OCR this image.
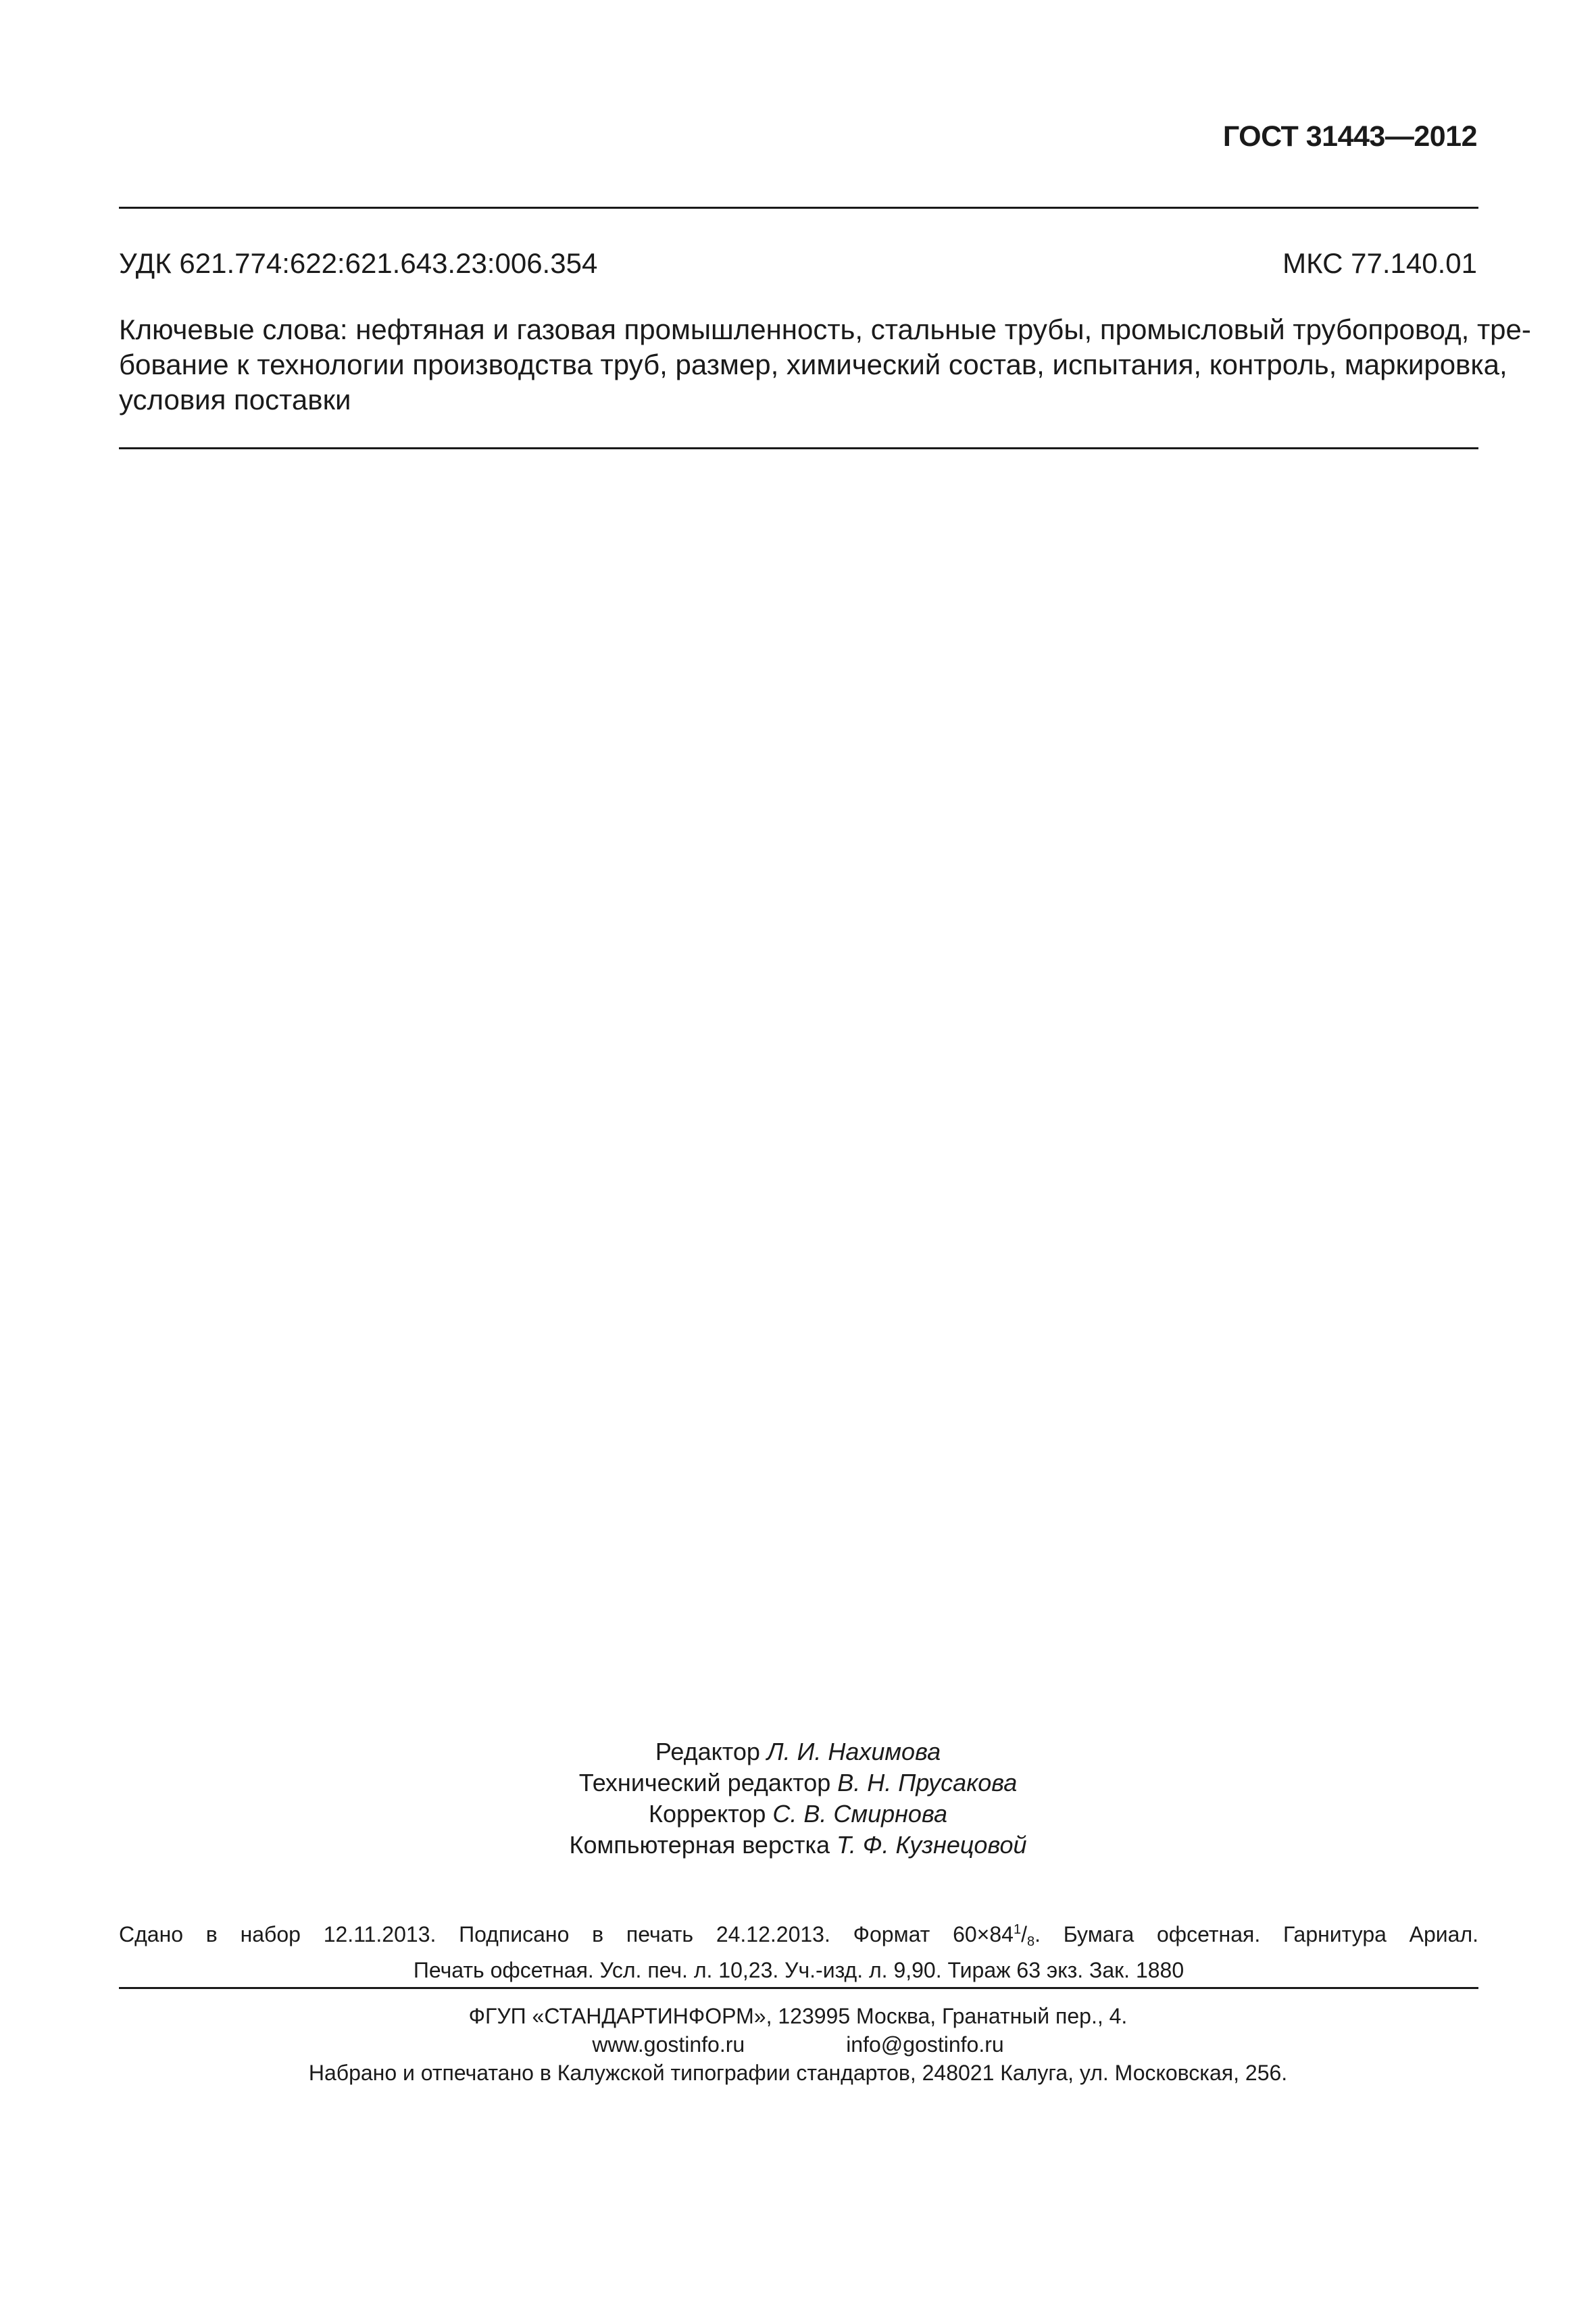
ГОСТ 31443—2012
УДК 621.774:622:621.643.23:006.354	МКС 77.140.01
Ключевые слова: нефтяная и газовая промышленность, стальные трубы, промысловый трубопровод, тре-
бование к технологии производства труб, размер, химический состав, испытания, контроль, маркировка,
условия поставки
Редактор Л. И. Нахимова
Технический редактор В. Н. Прусакова
Корректор С. В. Смирнова
Компьютерная верстка Т. Ф. Кузнецовой
Сдано в набор 12.11.2013. Подписано в печать 24.12.2013. Формат $60\times 84^1/_8$. Бумага офсетная. Гарнитура Ариал.
Печать офсетная. Усл. печ. л. 10,23. Уч.-изд. л. 9,90. Тираж 63 экз. Зак. 1880
ФГУП «СТАНДАРТИНФОРМ», 123995 Москва, Гранатный пер., 4.
www.gostinfo.ru	info@gostinfo.ru
Набрано и отпечатано в Калужской типографии стандартов, 248021 Калуга, ул. Московская, 256.
